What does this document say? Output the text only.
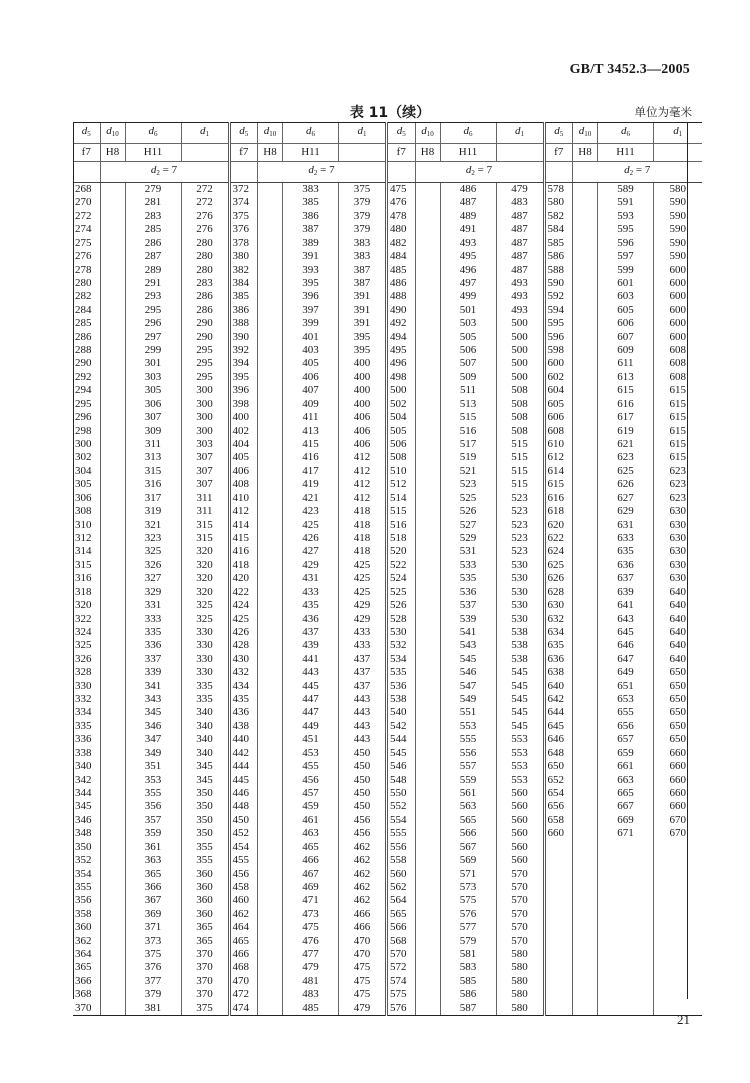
GB/T 3452.3—2005
表 11（续）	单位为毫米
$d_5$	$d_{10}$	$d_6$	$d_1$	$d_5$	$d_{10}$	$d_6$	$d_1$	$d_5$	$d_{10}$	$d_6$	$d_1$	$d_5$	$d_{10}$	$d_6$	$d_1$
f7	H8	H11		f7	H8	H11		f7	H8	H11		f7	H8	H11	
	$d_2 = 7$				$d_2 = 7$				$d_2 = 7$				$d_2 = 7$		
268		279	272	372		383	375	475		486	479	578		589	580
270		281	272	374		385	379	476		487	483	580		591	590
272		283	276	375		386	379	478		489	487	582		593	590
274		285	276	376		387	379	480		491	487	584		595	590
275		286	280	378		389	383	482		493	487	585		596	590
276		287	280	380		391	383	484		495	487	586		597	590
278		289	280	382		393	387	485		496	487	588		599	600
280		291	283	384		395	387	486		497	493	590		601	600
282		293	286	385		396	391	488		499	493	592		603	600
284		295	286	386		397	391	490		501	493	594		605	600
285		296	290	388		399	391	492		503	500	595		606	600
286		297	290	390		401	395	494		505	500	596		607	600
288		299	295	392		403	395	495		506	500	598		609	608
290		301	295	394		405	400	496		507	500	600		611	608
292		303	295	395		406	400	498		509	500	602		613	608
294		305	300	396		407	400	500		511	508	604		615	615
295		306	300	398		409	400	502		513	508	605		616	615
296		307	300	400		411	406	504		515	508	606		617	615
298		309	300	402		413	406	505		516	508	608		619	615
300		311	303	404		415	406	506		517	515	610		621	615
302		313	307	405		416	412	508		519	515	612		623	615
304		315	307	406		417	412	510		521	515	614		625	623
305		316	307	408		419	412	512		523	515	615		626	623
306		317	311	410		421	412	514		525	523	616		627	623
308		319	311	412		423	418	515		526	523	618		629	630
310		321	315	414		425	418	516		527	523	620		631	630
312		323	315	415		426	418	518		529	523	622		633	630
314		325	320	416		427	418	520		531	523	624		635	630
315		326	320	418		429	425	522		533	530	625		636	630
316		327	320	420		431	425	524		535	530	626		637	630
318		329	320	422		433	425	525		536	530	628		639	640
320		331	325	424		435	429	526		537	530	630		641	640
322		333	325	425		436	429	528		539	530	632		643	640
324		335	330	426		437	433	530		541	538	634		645	640
325		336	330	428		439	433	532		543	538	635		646	640
326		337	330	430		441	437	534		545	538	636		647	640
328		339	330	432		443	437	535		546	545	638		649	650
330		341	335	434		445	437	536		547	545	640		651	650
332		343	335	435		447	443	538		549	545	642		653	650
334		345	340	436		447	443	540		551	545	644		655	650
335		346	340	438		449	443	542		553	545	645		656	650
336		347	340	440		451	443	544		555	553	646		657	650
338		349	340	442		453	450	545		556	553	648		659	660
340		351	345	444		455	450	546		557	553	650		661	660
342		353	345	445		456	450	548		559	553	652		663	660
344		355	350	446		457	450	550		561	560	654		665	660
345		356	350	448		459	450	552		563	560	656		667	660
346		357	350	450		461	456	554		565	560	658		669	670
348		359	350	452		463	456	555		566	560	660		671	670
350		361	355	454		465	462	556		567	560				
352		363	355	455		466	462	558		569	560				
354		365	360	456		467	462	560		571	570				
355		366	360	458		469	462	562		573	570				
356		367	360	460		471	462	564		575	570				
358		369	360	462		473	466	565		576	570				
360		371	365	464		475	466	566		577	570				
362		373	365	465		476	470	568		579	570				
364		375	370	466		477	470	570		581	580				
365		376	370	468		479	475	572		583	580				
366		377	370	470		481	475	574		585	580				
368		379	370	472		483	475	575		586	580				
370		381	375	474		485	479	576		587	580				
21
